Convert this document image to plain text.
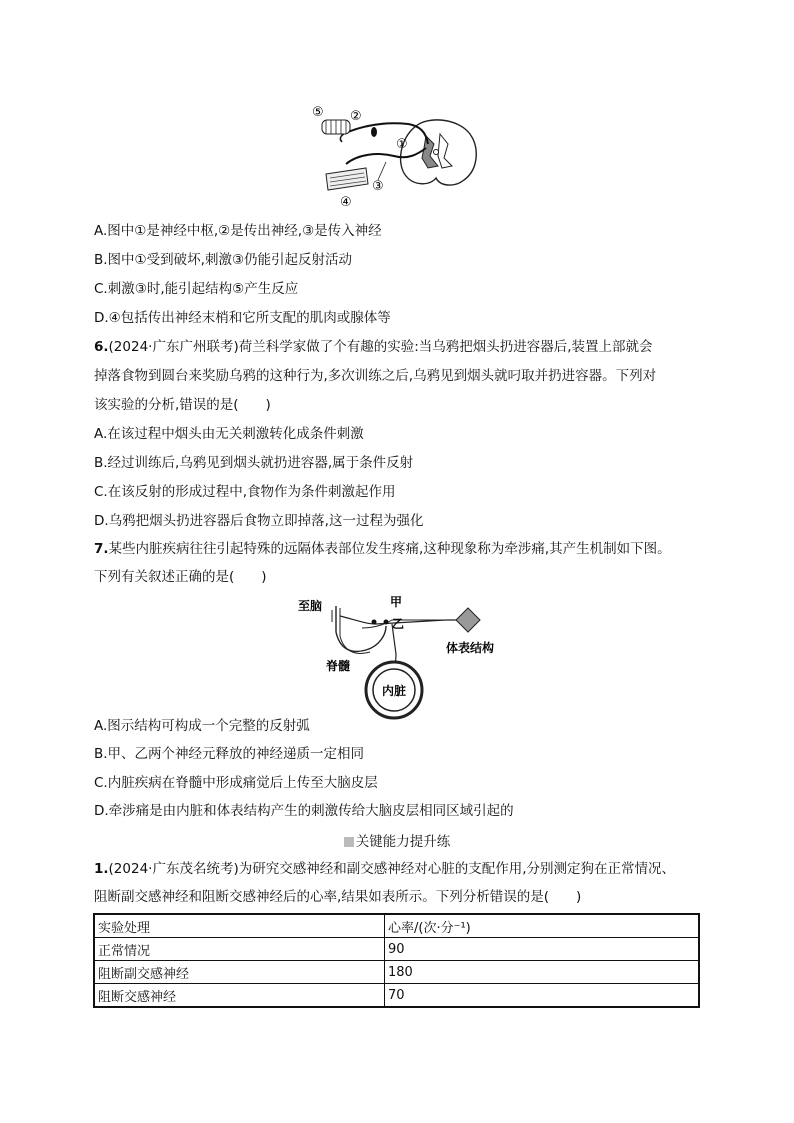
⑤ ②
①
③
④
A.图中①是神经中枢,②是传出神经,③是传入神经
B.图中①受到破坏,刺激③仍能引起反射活动
C.刺激③时,能引起结构⑤产生反应
D.④包括传出神经末梢和它所支配的肌肉或腺体等
6.(2024·广东广州联考)荷兰科学家做了个有趣的实验:当乌鸦把烟头扔进容器后,装置上部就会
掉落食物到圆台来奖励乌鸦的这种行为,多次训练之后,乌鸦见到烟头就叼取并扔进容器。下列对
该实验的分析,错误的是(　　)
A.在该过程中烟头由无关刺激转化成条件刺激
B.经过训练后,乌鸦见到烟头就扔进容器,属于条件反射
C.在该反射的形成过程中,食物作为条件刺激起作用
D.乌鸦把烟头扔进容器后食物立即掉落,这一过程为强化
7.某些内脏疾病往往引起特殊的远隔体表部位发生疼痛,这种现象称为牵涉痛,其产生机制如下图。
下列有关叙述正确的是(　　)
至脑	甲
乙
体表结构
脊髓
内脏
A.图示结构可构成一个完整的反射弧
B.甲、乙两个神经元释放的神经递质一定相同
C.内脏疾病在脊髓中形成痛觉后上传至大脑皮层
D.牵涉痛是由内脏和体表结构产生的刺激传给大脑皮层相同区域引起的
关键能力提升练
1.(2024·广东茂名统考)为研究交感神经和副交感神经对心脏的支配作用,分别测定狗在正常情况、
阻断副交感神经和阻断交感神经后的心率,结果如表所示。下列分析错误的是(　　)
实验处理	心率/(次·分⁻¹)
正常情况	90
阻断副交感神经	180
阻断交感神经	70
